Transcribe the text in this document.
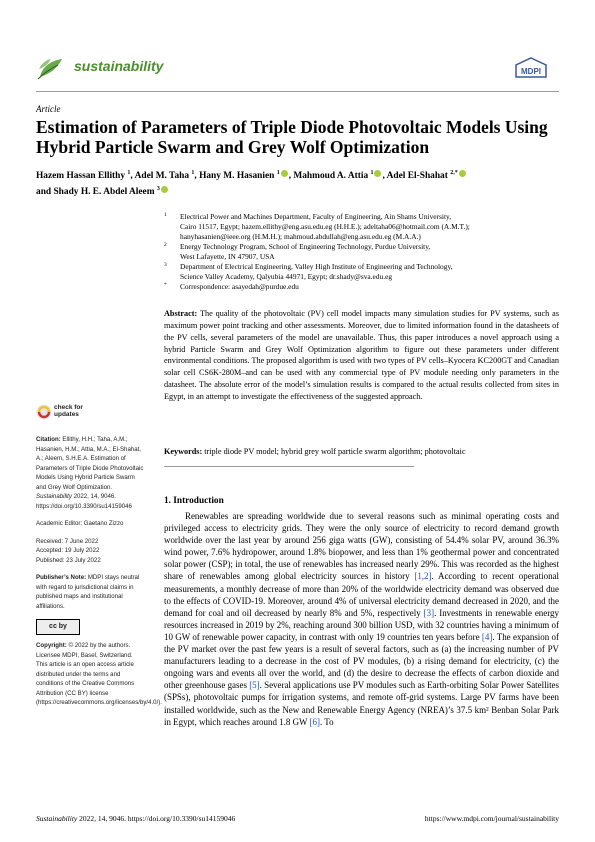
sustainability	MDPI
Article
Estimation of Parameters of Triple Diode Photovoltaic Models Using Hybrid Particle Swarm and Grey Wolf Optimization
Hazem Hassan Ellithy $^1$, Adel M. Taha $^1$, Hany M. Hasanien $^1$ , Mahmoud A. Attia $^1$ , Adel El-Shahat $^{2,*}$
and Shady H. E. Abdel Aleem $^3$
1 Electrical Power and Machines Department, Faculty of Engineering, Ain Shams University,
Cairo 11517, Egypt; hazem.ellithy@eng.asu.edu.eg (H.H.E.); adeltaha06@hotmail.com (A.M.T.);
hanyhasanien@ieee.org (H.M.H.); mahmoud.abdullah@eng.asu.edu.eg (M.A.A.)
2 Energy Technology Program, School of Engineering Technology, Purdue University,
West Lafayette, IN 47907, USA
3 Department of Electrical Engineering, Valley High Institute of Engineering and Technology,
Science Valley Academy, Qalyubia 44971, Egypt; dr.shady@sva.edu.eg
* Correspondence: asayedah@purdue.edu
Abstract: The quality of the photovoltaic (PV) cell model impacts many simulation studies for PV systems, such as maximum power point tracking and other assessments. Moreover, due to limited information found in the datasheets of the PV cells, several parameters of the model are unavailable. Thus, this paper introduces a novel approach using a hybrid Particle Swarm and Grey Wolf Optimization algorithm to figure out these parameters under different environmental conditions. The proposed algorithm is used with two types of PV cells–Kyocera KC200GT and Canadian solar cell CS6K-280M–and can be used with any commercial type of PV module needing only parameters in the datasheet. The absolute error of the model’s simulation results is compared to the actual results collected from sites in Egypt, in an attempt to investigate the effectiveness of the suggested approach.
Keywords: triple diode PV model; hybrid grey wolf particle swarm algorithm; photovoltaic
check for
updates
Citation: Ellithy, H.H.; Taha, A.M.; Hasanien, H.M.; Attia, M.A.; El-Shahat, A.; Aleem, S.H.E.A. Estimation of Parameters of Triple Diode Photovoltaic Models Using Hybrid Particle Swarm and Grey Wolf Optimization. Sustainability 2022, 14, 9046. https://doi.org/10.3390/su14159046
Academic Editor: Gaetano Zizzo
Received: 7 June 2022
Accepted: 19 July 2022
Published: 23 July 2022
Publisher’s Note: MDPI stays neutral with regard to jurisdictional claims in published maps and institutional affiliations.
cc by
Copyright: © 2022 by the authors. Licensee MDPI, Basel, Switzerland. This article is an open access article distributed under the terms and conditions of the Creative Commons Attribution (CC BY) license (https://creativecommons.org/licenses/by/4.0/).
1. Introduction

Renewables are spreading worldwide due to several reasons such as minimal operating costs and privileged access to electricity grids. They were the only source of electricity to record demand growth worldwide over the last year by around 256 giga watts (GW), consisting of 54.4% solar PV, around 36.3% wind power, 7.6% hydropower, around 1.8% biopower, and less than 1% geothermal power and concentrated solar power (CSP); in total, the use of renewables has increased nearly 29%. This was recorded as the highest share of renewables among global electricity sources in history [1,2]. According to recent operational measurements, a monthly decrease of more than 20% of the worldwide electricity demand was observed due to the effects of COVID-19. Moreover, around 4% of universal electricity demand decreased in 2020, and the demand for coal and oil decreased by nearly 8% and 5%, respectively [3]. Investments in renewable energy resources increased in 2019 by 2%, reaching around 300 billion USD, with 32 countries having a minimum of 10 GW of renewable power capacity, in contrast with only 19 countries ten years before [4]. The expansion of the PV market over the past few years is a result of several factors, such as (a) the increasing number of PV manufacturers leading to a decrease in the cost of PV modules, (b) a rising demand for electricity, (c) the ongoing wars and events all over the world, and (d) the desire to decrease the effects of carbon dioxide and other greenhouse gases [5]. Several applications use PV modules such as Earth-orbiting Solar Power Satellites (SPSs), photovoltaic pumps for irrigation systems, and remote off-grid systems. Large PV farms have been installed worldwide, such as the New and Renewable Energy Agency (NREA)’s 37.5 km² Benban Solar Park in Egypt, which reaches around 1.8 GW [6]. To

Sustainability 2022, 14, 9046. https://doi.org/10.3390/su14159046	https://www.mdpi.com/journal/sustainability
